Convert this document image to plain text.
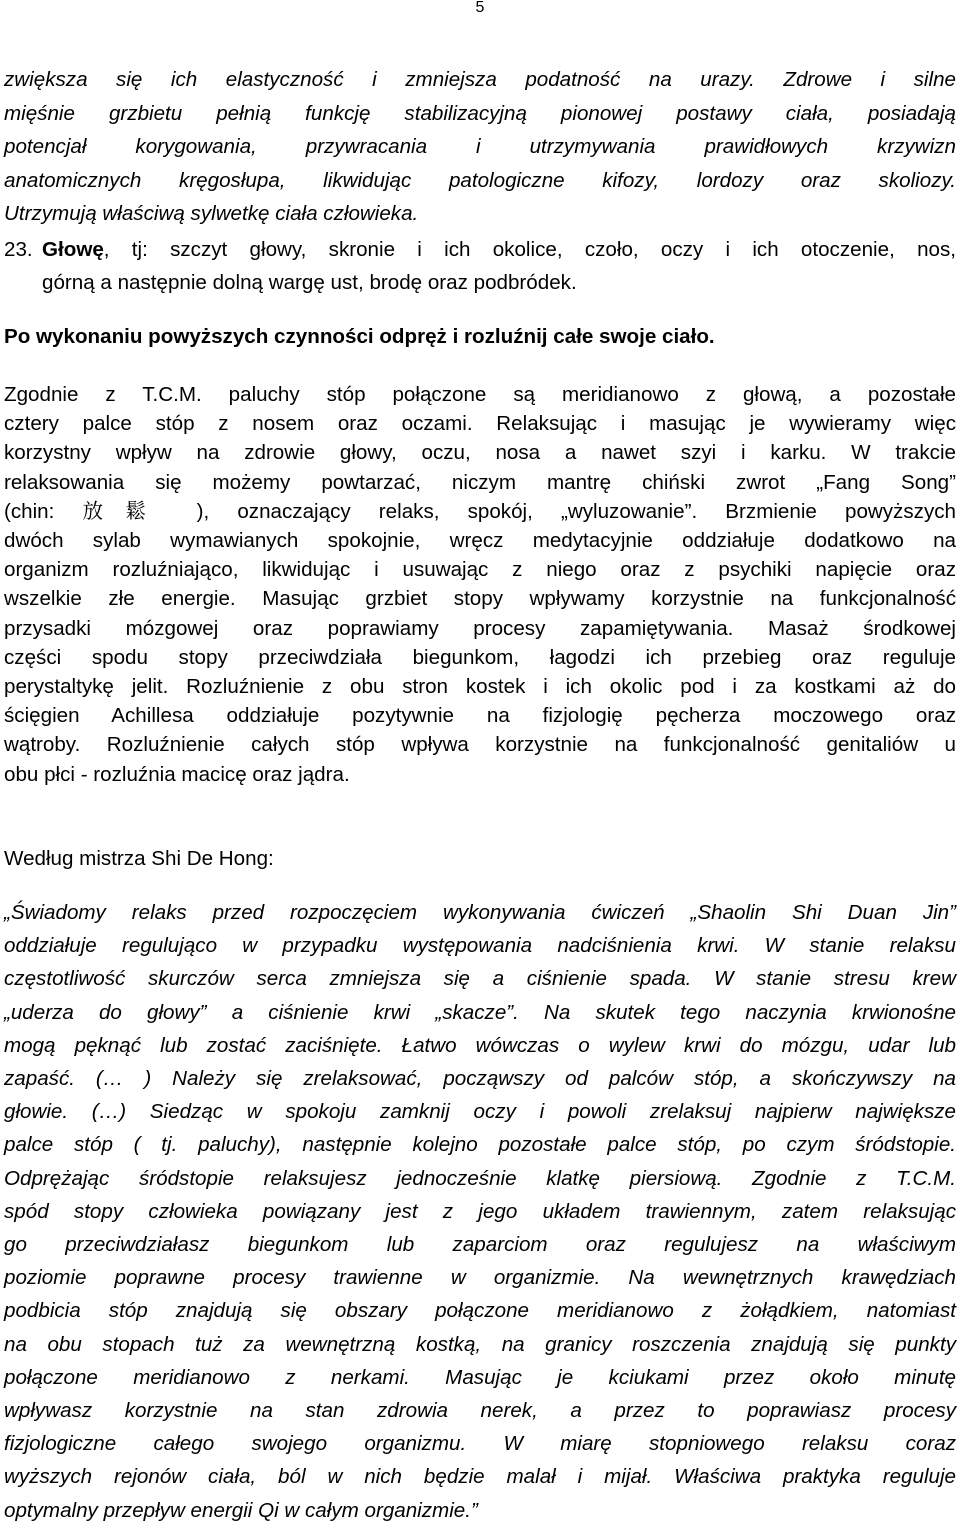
5
zwiększa się ich elastyczność i zmniejsza podatność na urazy. Zdrowe i silne
mięśnie grzbietu pełnią funkcję stabilizacyjną pionowej postawy ciała, posiadają
potencjał korygowania, przywracania i utrzymywania prawidłowych krzywizn
anatomicznych kręgosłupa, likwidując patologiczne kifozy, lordozy oraz skoliozy.
Utrzymują właściwą sylwetkę ciała człowieka.
23. Głowę, tj: szczyt głowy, skronie i ich okolice, czoło, oczy i ich otoczenie, nos,
górną a następnie dolną wargę ust, brodę oraz podbródek.
Po wykonaniu powyższych czynności odpręż i rozluźnij całe swoje ciało.
Zgodnie z T.C.M. paluchy stóp połączone są meridianowo z głową, a pozostałe
cztery palce stóp z nosem oraz oczami. Relaksując i masując je wywieramy więc
korzystny wpływ na zdrowie głowy, oczu, nosa a nawet szyi i karku. W trakcie
relaksowania się możemy powtarzać, niczym mantrę chiński zwrot „Fang Song”
(chin: 放鬆 ), oznaczający relaks, spokój, „wyluzowanie”. Brzmienie powyższych
dwóch sylab wymawianych spokojnie, wręcz medytacyjnie oddziałuje dodatkowo na
organizm rozluźniająco, likwidując i usuwając z niego oraz z psychiki napięcie oraz
wszelkie złe energie. Masując grzbiet stopy wpływamy korzystnie na funkcjonalność
przysadki mózgowej oraz poprawiamy procesy zapamiętywania. Masaż środkowej
części spodu stopy przeciwdziała biegunkom, łagodzi ich przebieg oraz reguluje
perystaltykę jelit. Rozluźnienie z obu stron kostek i ich okolic pod i za kostkami aż do
ścięgien Achillesa oddziałuje pozytywnie na fizjologię pęcherza moczowego oraz
wątroby. Rozluźnienie całych stóp wpływa korzystnie na funkcjonalność genitaliów u
obu płci - rozluźnia macicę oraz jądra.
Według mistrza Shi De Hong:
„Świadomy relaks przed rozpoczęciem wykonywania ćwiczeń „Shaolin Shi Duan Jin”
oddziałuje regulująco w przypadku występowania nadciśnienia krwi. W stanie relaksu
częstotliwość skurczów serca zmniejsza się a ciśnienie spada. W stanie stresu krew
„uderza do głowy” a ciśnienie krwi „skacze”. Na skutek tego naczynia krwionośne
mogą pęknąć lub zostać zaciśnięte. Łatwo wówczas o wylew krwi do mózgu, udar lub
zapaść. (… ) Należy się zrelaksować, począwszy od palców stóp, a skończywszy na
głowie. (…) Siedząc w spokoju zamknij oczy i powoli zrelaksuj najpierw największe
palce stóp ( tj. paluchy), następnie kolejno pozostałe palce stóp, po czym śródstopie.
Odprężając śródstopie relaksujesz jednocześnie klatkę piersiową. Zgodnie z T.C.M.
spód stopy człowieka powiązany jest z jego układem trawiennym, zatem relaksując
go przeciwdziałasz biegunkom lub zaparciom oraz regulujesz na właściwym
poziomie poprawne procesy trawienne w organizmie. Na wewnętrznych krawędziach
podbicia stóp znajdują się obszary połączone meridianowo z żołądkiem, natomiast
na obu stopach tuż za wewnętrzną kostką, na granicy roszczenia znajdują się punkty
połączone meridianowo z nerkami. Masując je kciukami przez około minutę
wpływasz korzystnie na stan zdrowia nerek, a przez to poprawiasz procesy
fizjologiczne całego swojego organizmu. W miarę stopniowego relaksu coraz
wyższych rejonów ciała, ból w nich będzie malał i mijał. Właściwa praktyka reguluje
optymalny przepływ energii Qi w całym organizmie.”
